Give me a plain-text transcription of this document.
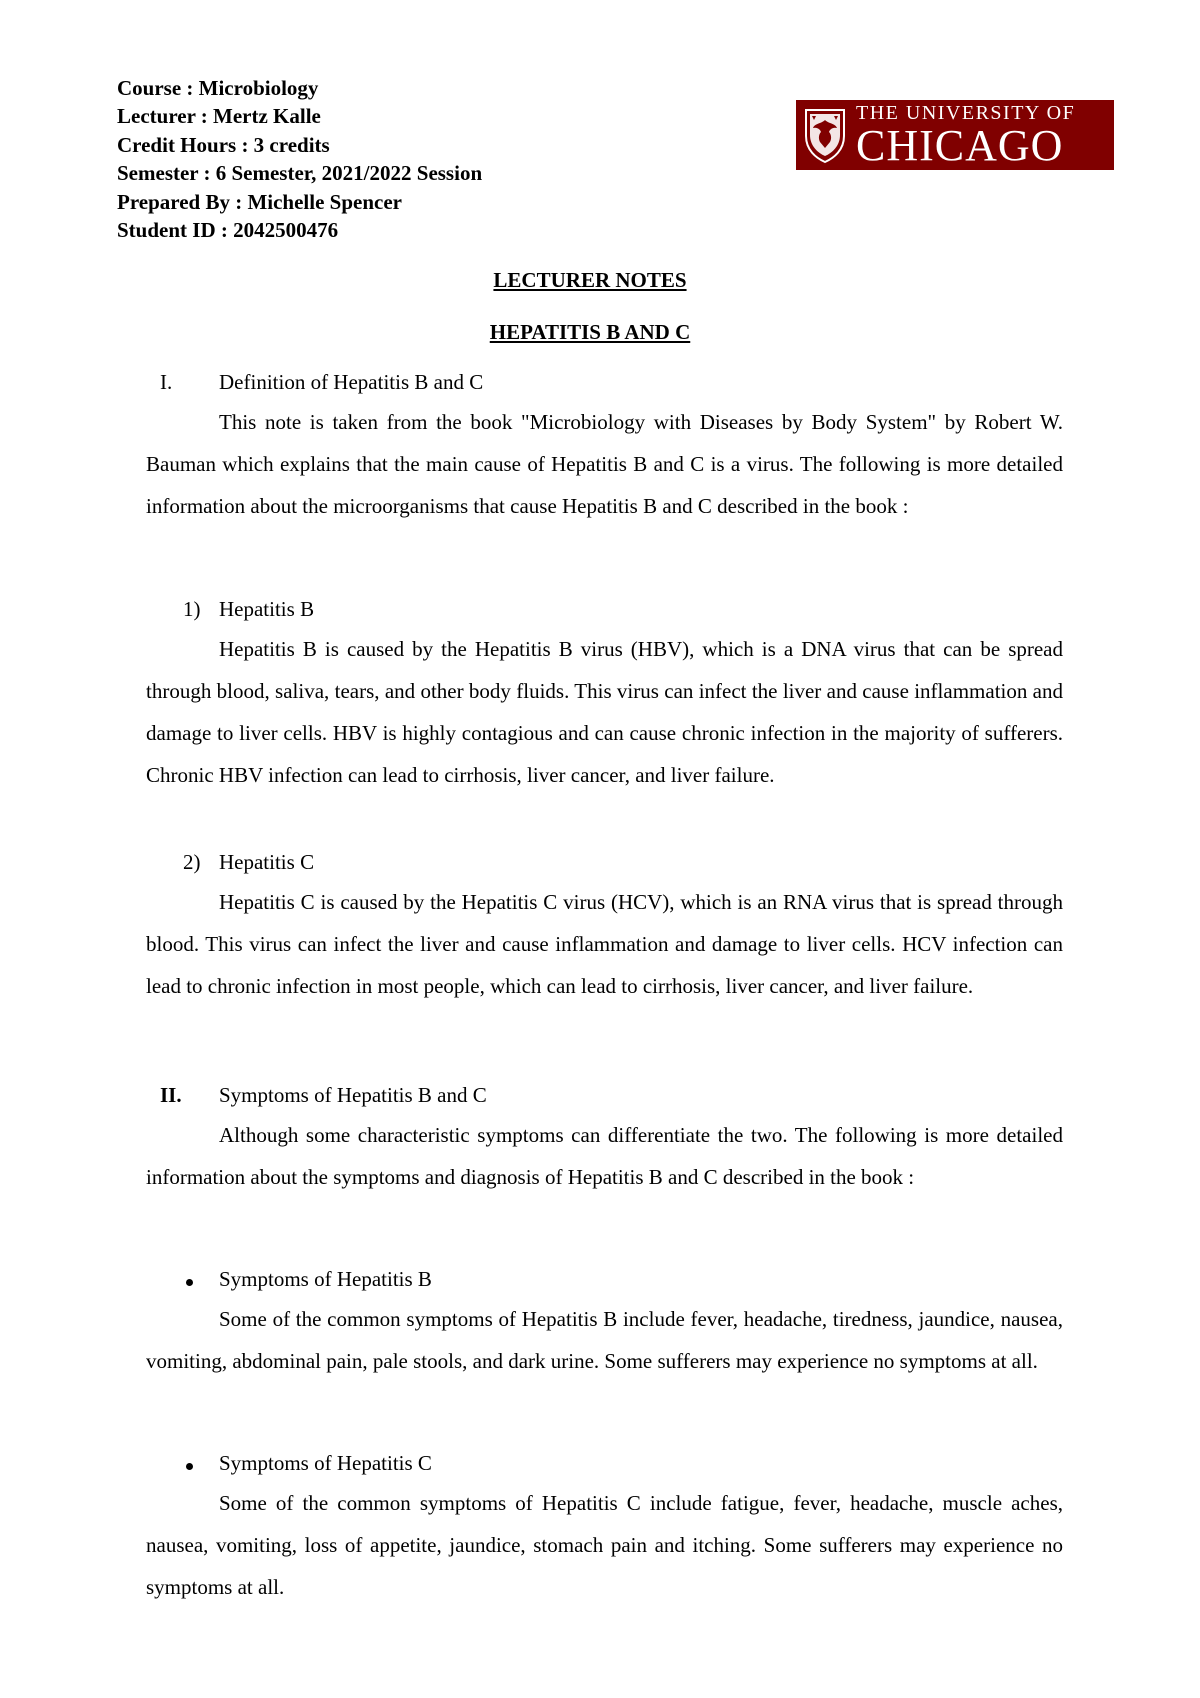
Course : Microbiology
Lecturer : Mertz Kalle
Credit Hours : 3 credits
Semester : 6 Semester, 2021/2022 Session
Prepared By : Michelle Spencer
Student ID : 2042500476
THE UNIVERSITY OF
CHICAGO
LECTURER NOTES
HEPATITIS B AND C
I. Definition of Hepatitis B and C

This note is taken from the book "Microbiology with Diseases by Body System" by Robert W. Bauman which explains that the main cause of Hepatitis B and C is a virus. The following is more detailed information about the microorganisms that cause Hepatitis B and C described in the book :

1) Hepatitis B

Hepatitis B is caused by the Hepatitis B virus (HBV), which is a DNA virus that can be spread through blood, saliva, tears, and other body fluids. This virus can infect the liver and cause inflammation and damage to liver cells. HBV is highly contagious and can cause chronic infection in the majority of sufferers. Chronic HBV infection can lead to cirrhosis, liver cancer, and liver failure.

2) Hepatitis C

Hepatitis C is caused by the Hepatitis C virus (HCV), which is an RNA virus that is spread through blood. This virus can infect the liver and cause inflammation and damage to liver cells. HCV infection can lead to chronic infection in most people, which can lead to cirrhosis, liver cancer, and liver failure.

II. Symptoms of Hepatitis B and C

Although some characteristic symptoms can differentiate the two. The following is more detailed information about the symptoms and diagnosis of Hepatitis B and C described in the book :

Symptoms of Hepatitis B

Some of the common symptoms of Hepatitis B include fever, headache, tiredness, jaundice, nausea, vomiting, abdominal pain, pale stools, and dark urine. Some sufferers may experience no symptoms at all.

Symptoms of Hepatitis C

Some of the common symptoms of Hepatitis C include fatigue, fever, headache, muscle aches, nausea, vomiting, loss of appetite, jaundice, stomach pain and itching. Some sufferers may experience no symptoms at all.
